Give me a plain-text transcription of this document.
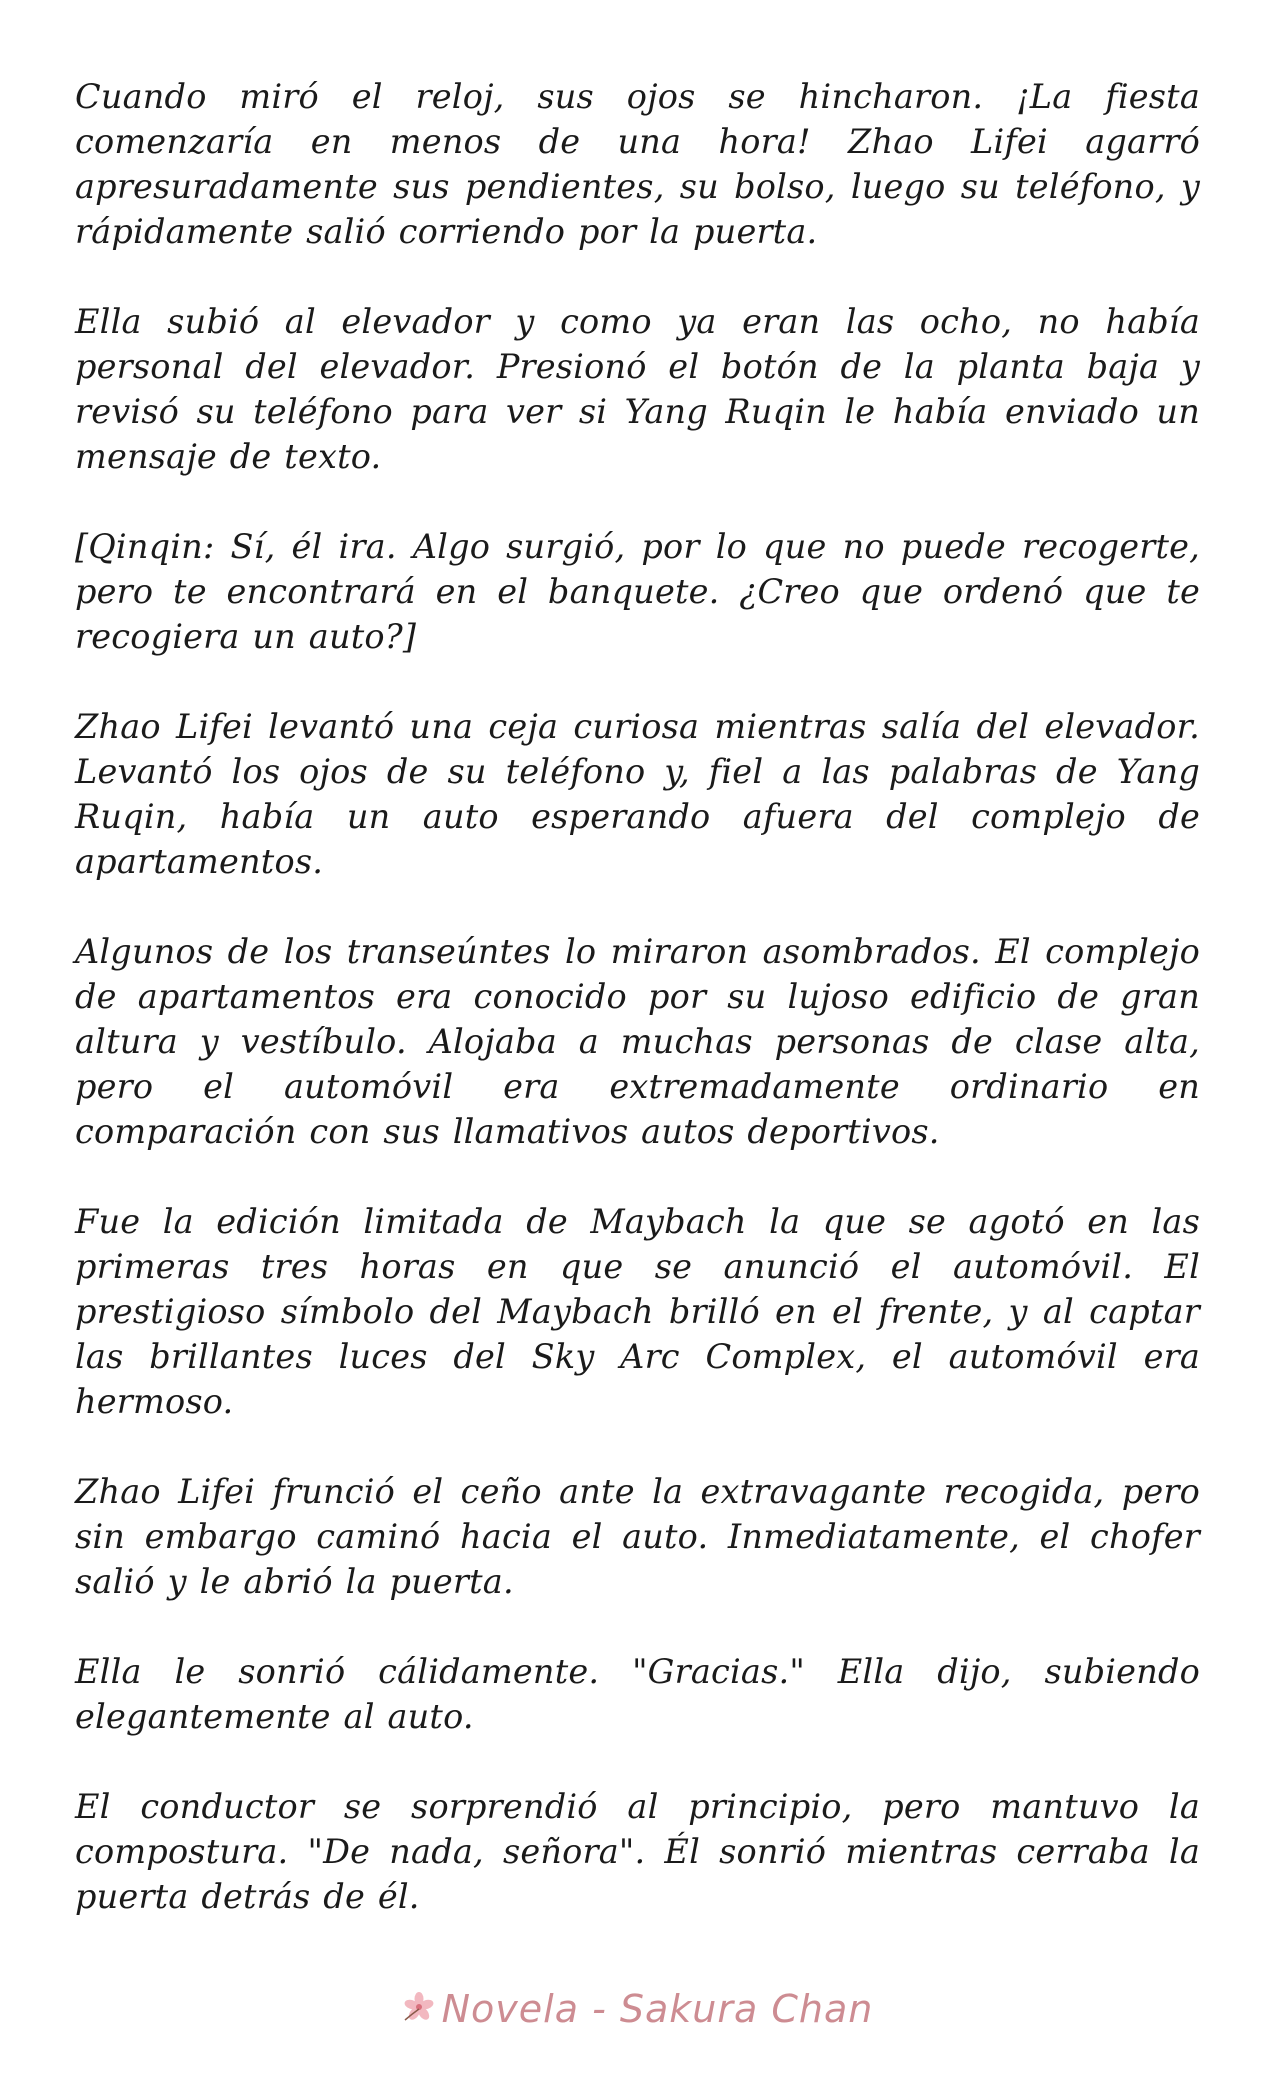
Cuando miró el reloj, sus ojos se hincharon. ¡La fiesta comenzaría en menos de una hora! Zhao Lifei agarró apresuradamente sus pendientes, su bolso, luego su teléfono, y rápidamente salió corriendo por la puerta.

Ella subió al elevador y como ya eran las ocho, no había personal del elevador. Presionó el botón de la planta baja y revisó su teléfono para ver si Yang Ruqin le había enviado un mensaje de texto.

[Qinqin: Sí, él ira. Algo surgió, por lo que no puede recogerte, pero te encontrará en el banquete. ¿Creo que ordenó que te recogiera un auto?]

Zhao Lifei levantó una ceja curiosa mientras salía del elevador. Levantó los ojos de su teléfono y, fiel a las palabras de Yang Ruqin, había un auto esperando afuera del complejo de apartamentos.

Algunos de los transeúntes lo miraron asombrados. El complejo de apartamentos era conocido por su lujoso edificio de gran altura y vestíbulo. Alojaba a muchas personas de clase alta, pero el automóvil era extremadamente ordinario en comparación con sus llamativos autos deportivos.

Fue la edición limitada de Maybach la que se agotó en las primeras tres horas en que se anunció el automóvil. El prestigioso símbolo del Maybach brilló en el frente, y al captar las brillantes luces del Sky Arc Complex, el automóvil era hermoso.

Zhao Lifei frunció el ceño ante la extravagante recogida, pero sin embargo caminó hacia el auto. Inmediatamente, el chofer salió y le abrió la puerta.

Ella le sonrió cálidamente. "Gracias." Ella dijo, subiendo elegantemente al auto.

El conductor se sorprendió al principio, pero mantuvo la compostura. "De nada, señora". Él sonrió mientras cerraba la puerta detrás de él.

Novela - Sakura Chan
